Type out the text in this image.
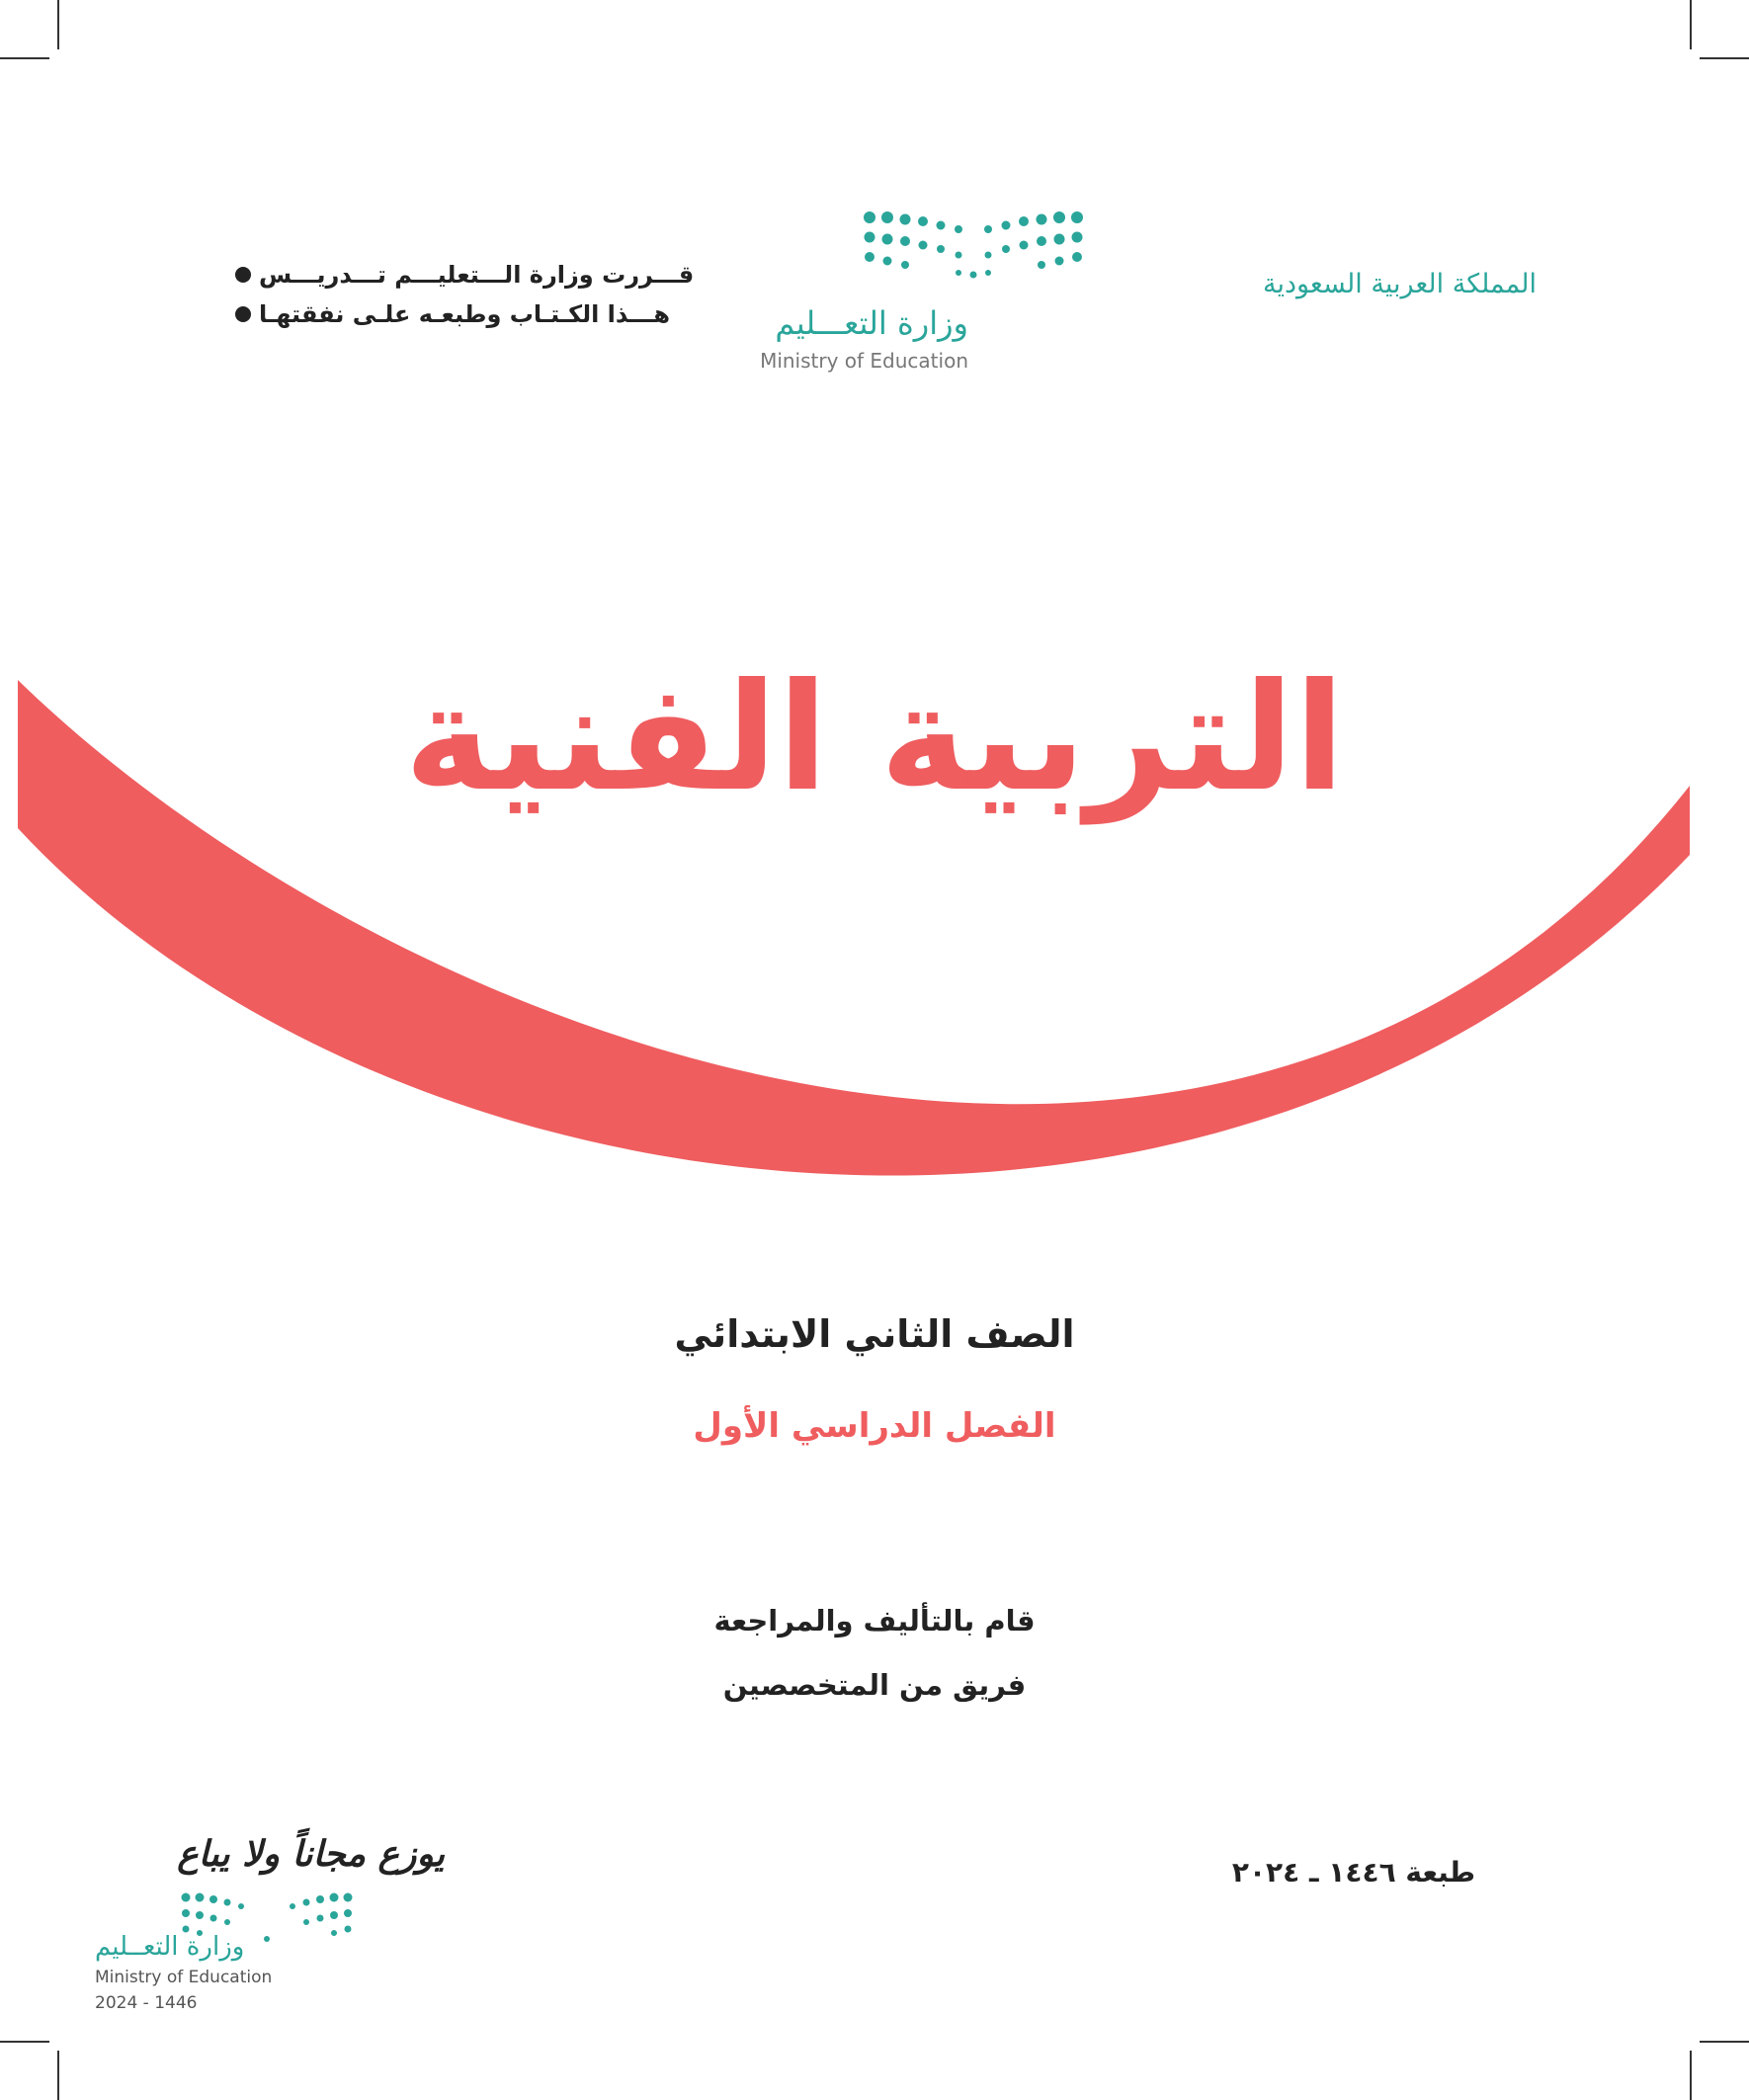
المملكة العربية السعودية
وزارة التعـــليم
Ministry of Education
قـــررت وزارة الـــتعليـــم تـــدريـــس
هـــذا الكـتـاب وطبعـه علـى نفقتهـا
التربية الفنية
الصف الثاني الابتدائي
الفصل الدراسي الأول
قام بالتأليف والمراجعة
فريق من المتخصصين
طبعة ١٤٤٦ ـ ٢٠٢٤
يوزع مجاناً ولا يباع
وزارة التعــليم
Ministry of Education
2024 - 1446
